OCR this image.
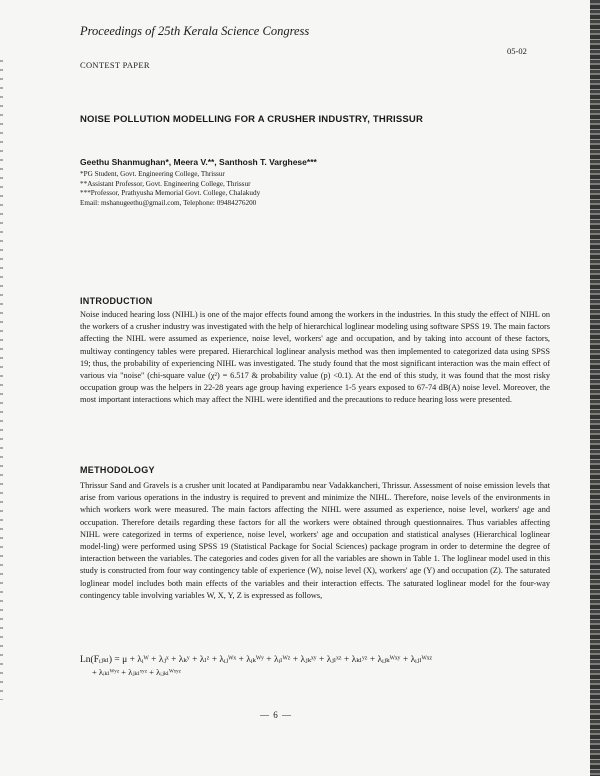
Proceedings of 25th Kerala Science Congress
05-02
CONTEST PAPER
NOISE POLLUTION MODELLING FOR A CRUSHER INDUSTRY, THRISSUR
Geethu Shanmughan*, Meera V.**, Santhosh T. Varghese***
*PG Student, Govt. Engineering College, Thrissur
**Assistant Professor, Govt. Engineering College, Thrissur
***Professor, Prathyusha Memorial Govt. College, Chalakudy
Email: mshanugeethu@gmail.com, Telephone: 09484276200
INTRODUCTION
Noise induced hearing loss (NIHL) is one of the major effects found among the workers in the industries. In this study the effect of NIHL on the workers of a crusher industry was investigated with the help of hierarchical loglinear modeling using software SPSS 19. The main factors affecting the NIHL were assumed as experience, noise level, workers' age and occupation, and by taking into account of these factors, multiway contingency tables were prepared. Hierarchical loglinear analysis method was then implemented to categorized data using SPSS 19; thus, the probability of experiencing NIHL was investigated. The study found that the most significant interaction was the main effect of various via "noise" (chi-square value (χ²) = 6.517 & probability value (p) <0.1). At the end of this study, it was found that the most risky occupation group was the helpers in 22-28 years age group having experience 1-5 years exposed to 67-74 dB(A) noise level. Moreover, the most important interactions which may affect the NIHL were identified and the precautions to reduce hearing loss were presented.
METHODOLOGY
Thrissur Sand and Gravels is a crusher unit located at Pandiparambu near Vadakkancheri, Thrissur. Assessment of noise emission levels that arise from various operations in the industry is required to prevent and minimize the NIHL. Therefore, noise levels of the environments in which workers work were measured. The main factors affecting the NIHL were assumed as experience, noise level, workers' age and occupation. Therefore details regarding these factors for all the workers were obtained through questionnaires. Thus variables affecting NIHL were categorized in terms of experience, noise level, workers' age and occupation and statistical analyses (Hierarchical loglinear model-ling) were performed using SPSS 19 (Statistical Package for Social Sciences) package program in order to determine the degree of interaction between the variables. The categories and codes given for all the variables are shown in Table 1. The loglinear model used in this study is constructed from four way contingency table of experience (W), noise level (X), workers' age (Y) and occupation (Z). The saturated loglinear model includes both main effects of the variables and their interaction effects. The saturated loglinear model for the four-way contingency table involving variables W, X, Y, Z is expressed as follows,
Ln(Fᵢⱼₖₗ) = μ + λᵢᵂ + λⱼˣ + λₖʸ + λₗᶻ + λᵢⱼᵂˣ + λᵢₖᵂʸ + λᵢₗᵂᶻ + λⱼₖˣʸ + λⱼₗˣᶻ + λₖₗʸᶻ + λᵢⱼₖᵂˣʸ + λᵢⱼₗᵂˣᶻ
+ λᵢₖₗᵂʸᶻ + λⱼₖₗˣʸᶻ + λᵢⱼₖₗᵂˣʸᶻ
— 6 —
